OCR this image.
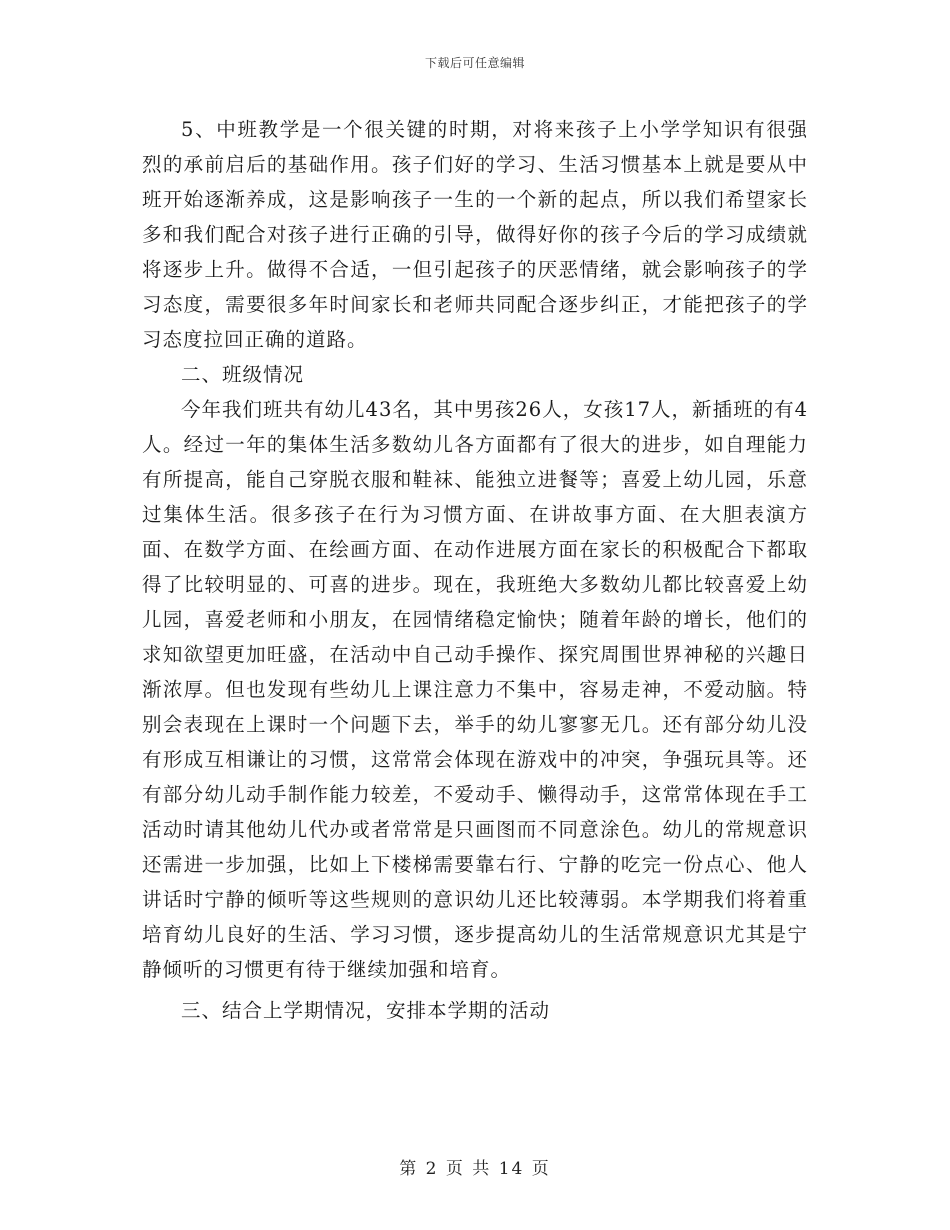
下载后可任意编辑

5、中班教学是一个很关键的时期，对将来孩子上小学学知识有很强烈的承前启后的基础作用。孩子们好的学习、生活习惯基本上就是要从中班开始逐渐养成，这是影响孩子一生的一个新的起点，所以我们希望家长多和我们配合对孩子进行正确的引导，做得好你的孩子今后的学习成绩就将逐步上升。做得不合适，一但引起孩子的厌恶情绪，就会影响孩子的学习态度，需要很多年时间家长和老师共同配合逐步纠正，才能把孩子的学习态度拉回正确的道路。

二、班级情况

今年我们班共有幼儿43名，其中男孩26人，女孩17人，新插班的有4人。经过一年的集体生活多数幼儿各方面都有了很大的进步，如自理能力有所提高，能自己穿脱衣服和鞋袜、能独立进餐等；喜爱上幼儿园，乐意过集体生活。很多孩子在行为习惯方面、在讲故事方面、在大胆表演方面、在数学方面、在绘画方面、在动作进展方面在家长的积极配合下都取得了比较明显的、可喜的进步。现在，我班绝大多数幼儿都比较喜爱上幼儿园，喜爱老师和小朋友，在园情绪稳定愉快；随着年龄的增长，他们的求知欲望更加旺盛，在活动中自己动手操作、探究周围世界神秘的兴趣日渐浓厚。但也发现有些幼儿上课注意力不集中，容易走神，不爱动脑。特别会表现在上课时一个问题下去，举手的幼儿寥寥无几。还有部分幼儿没有形成互相谦让的习惯，这常常会体现在游戏中的冲突，争强玩具等。还有部分幼儿动手制作能力较差，不爱动手、懒得动手，这常常体现在手工活动时请其他幼儿代办或者常常是只画图而不同意涂色。幼儿的常规意识还需进一步加强，比如上下楼梯需要靠右行、宁静的吃完一份点心、他人讲话时宁静的倾听等这些规则的意识幼儿还比较薄弱。本学期我们将着重培育幼儿良好的生活、学习习惯，逐步提高幼儿的生活常规意识尤其是宁静倾听的习惯更有待于继续加强和培育。

三、结合上学期情况，安排本学期的活动

第 2 页 共 14 页
